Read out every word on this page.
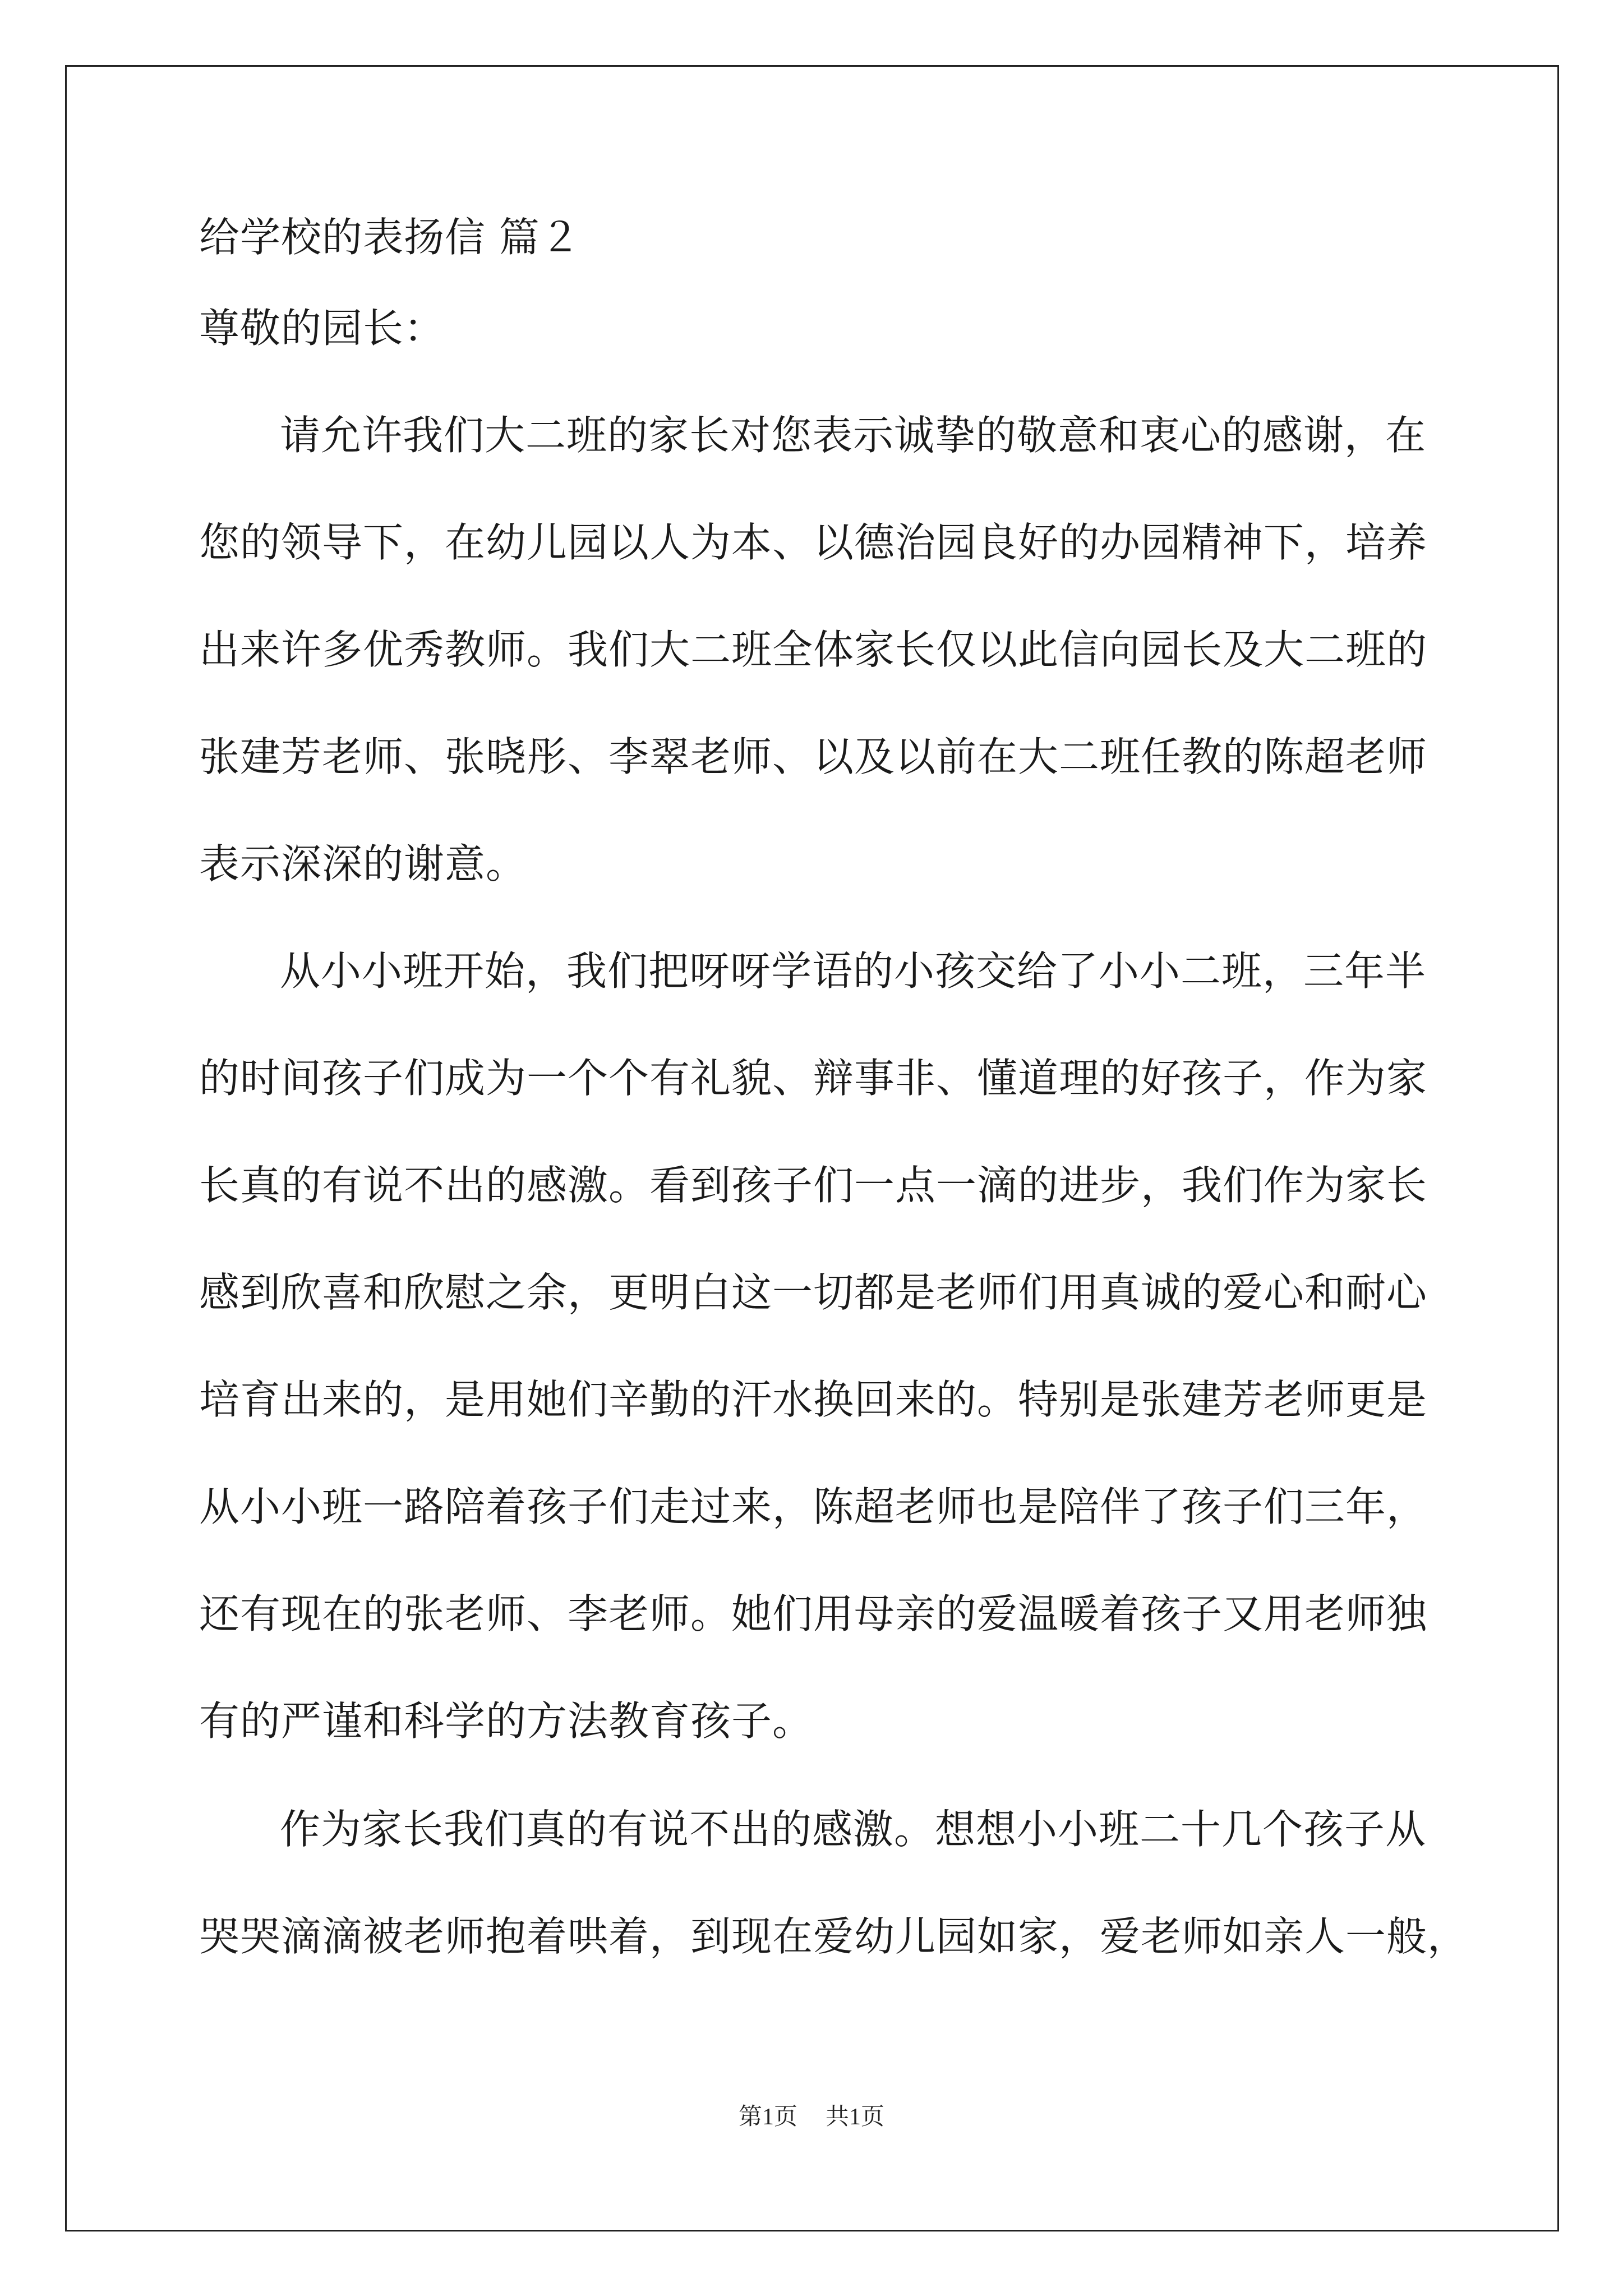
给学校的表扬信 篇２
尊敬的园长：
请允许我们大二班的家长对您表示诚挚的敬意和衷心的感谢，在
您的领导下，在幼儿园以人为本、以德治园良好的办园精神下，培养
出来许多优秀教师。我们大二班全体家长仅以此信向园长及大二班的
张建芳老师、张晓彤、李翠老师、以及以前在大二班任教的陈超老师
表示深深的谢意。
从小小班开始，我们把呀呀学语的小孩交给了小小二班，三年半
的时间孩子们成为一个个有礼貌、辩事非、懂道理的好孩子，作为家
长真的有说不出的感激。看到孩子们一点一滴的进步，我们作为家长
感到欣喜和欣慰之余，更明白这一切都是老师们用真诚的爱心和耐心
培育出来的，是用她们辛勤的汗水换回来的。特别是张建芳老师更是
从小小班一路陪着孩子们走过来，陈超老师也是陪伴了孩子们三年，
还有现在的张老师、李老师。她们用母亲的爱温暖着孩子又用老师独
有的严谨和科学的方法教育孩子。
作为家长我们真的有说不出的感激。想想小小班二十几个孩子从
哭哭滴滴被老师抱着哄着，到现在爱幼儿园如家，爱老师如亲人一般，
第1页 共1页
